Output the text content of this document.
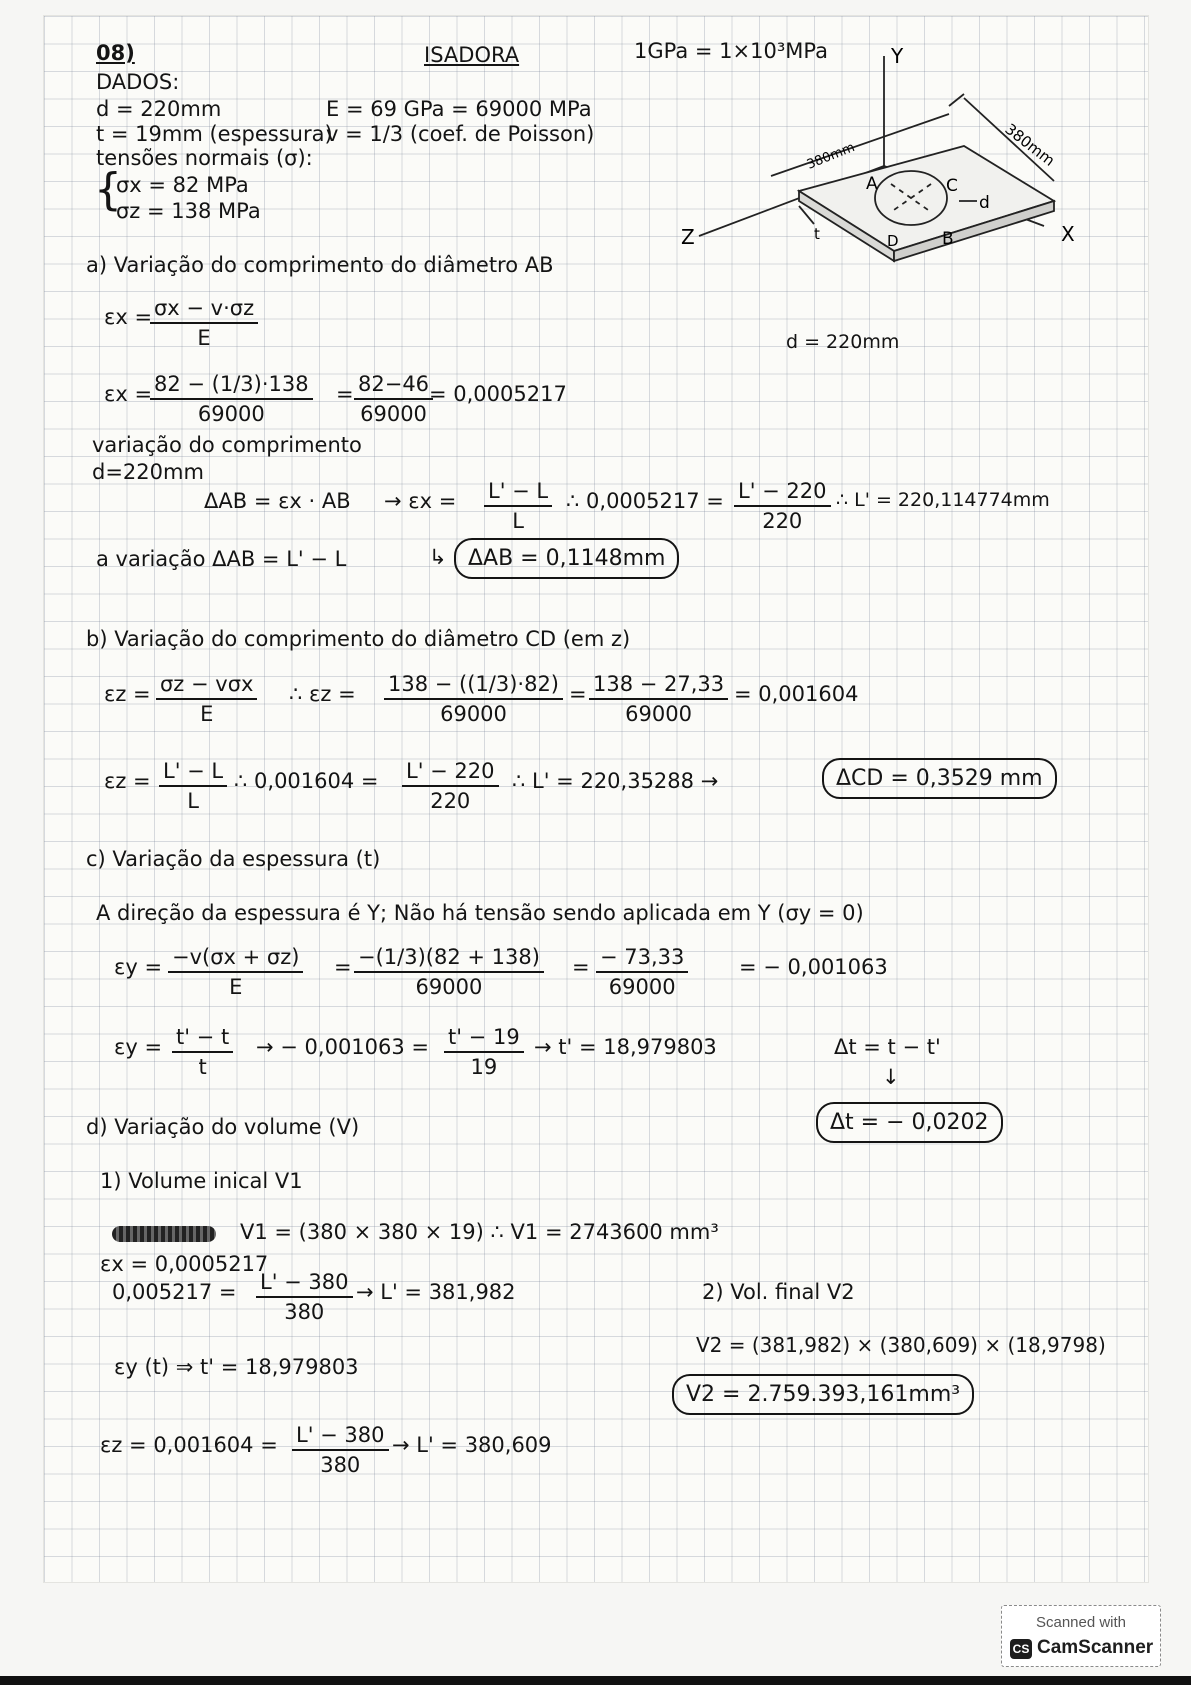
08)	ISADORA	1GPa = 1×10³MPa
DADOS:
d = 220mm
t = 19mm (espessura)
E = 69 GPa = 69000 MPa
v = 1/3 (coef. de Poisson)
tensões normais (σ):
{
σx = 82 MPa
σz = 138 MPa
Y
X
Z
380mm	380mm
A	C
D	B
d
t
d = 220mm
a) Variação do comprimento do diâmetro AB
εx =
$\frac{\sigma x - v\cdot\sigma z}{E}$
εx =
$\frac{82 - (1/3)\cdot 138}{69000} = \frac{82-46}{69000}$
= 0,0005217
variação do comprimento
d=220mm
ΔAB = εx · AB → $\varepsilon x = \frac{L' - L}{L}$ ∴ $0,0005217 = \frac{L' - 220}{220}$ ∴ L' = 220,114774mm
a variação ΔAB = L' − L	↳ ΔAB = 0,1148mm
b) Variação do comprimento do diâmetro CD (em z)
εz = σz − vσx
E
∴ $\varepsilon z = \frac{138 - ((1/3)\cdot 82)}{69000} = \frac{138 - 27,33}{69000} = 0,001604$
$\varepsilon z = \frac{L' - L}{L}$ ∴ $0,001604 = \frac{L' - 220}{220}$ ∴ L' = 220,35288 →	ΔCD = 0,3529 mm
c) Variação da espessura (t)
A direção da espessura é Y; Não há tensão sendo aplicada em Y (σy = 0)
$\varepsilon y = \frac{-v(\sigma x + \sigma z)}{E} = \frac{-(1/3)(82 + 138)}{69000} = \frac{- 73,33}{69000}$ = − 0,001063
$\varepsilon y = \frac{t' - t}{t}$ → − $0,001063 = \frac{t' - 19}{19} \to t' = 18,979803$	Δt = t − t'
↓
Δt = − 0,0202
d) Variação do volume (V)
1) Volume inical V1
V1 = (380 × 380 × 19) ∴ V1 = 2743600 mm³
εx = 0,0005217
$0,005217 = \frac{L' - 380}{380} \to L' = 381,982$	2) Vol. final V2
V2 = (381,982) × (380,609) × (18,9798)
V2 = 2.759.393,161mm³
εy (t) ⇒ t' = 18,979803
$\varepsilon z = 0,001604 = \frac{L' - 380}{380} \to L' = 380,609$
Scanned with
CS CamScanner
